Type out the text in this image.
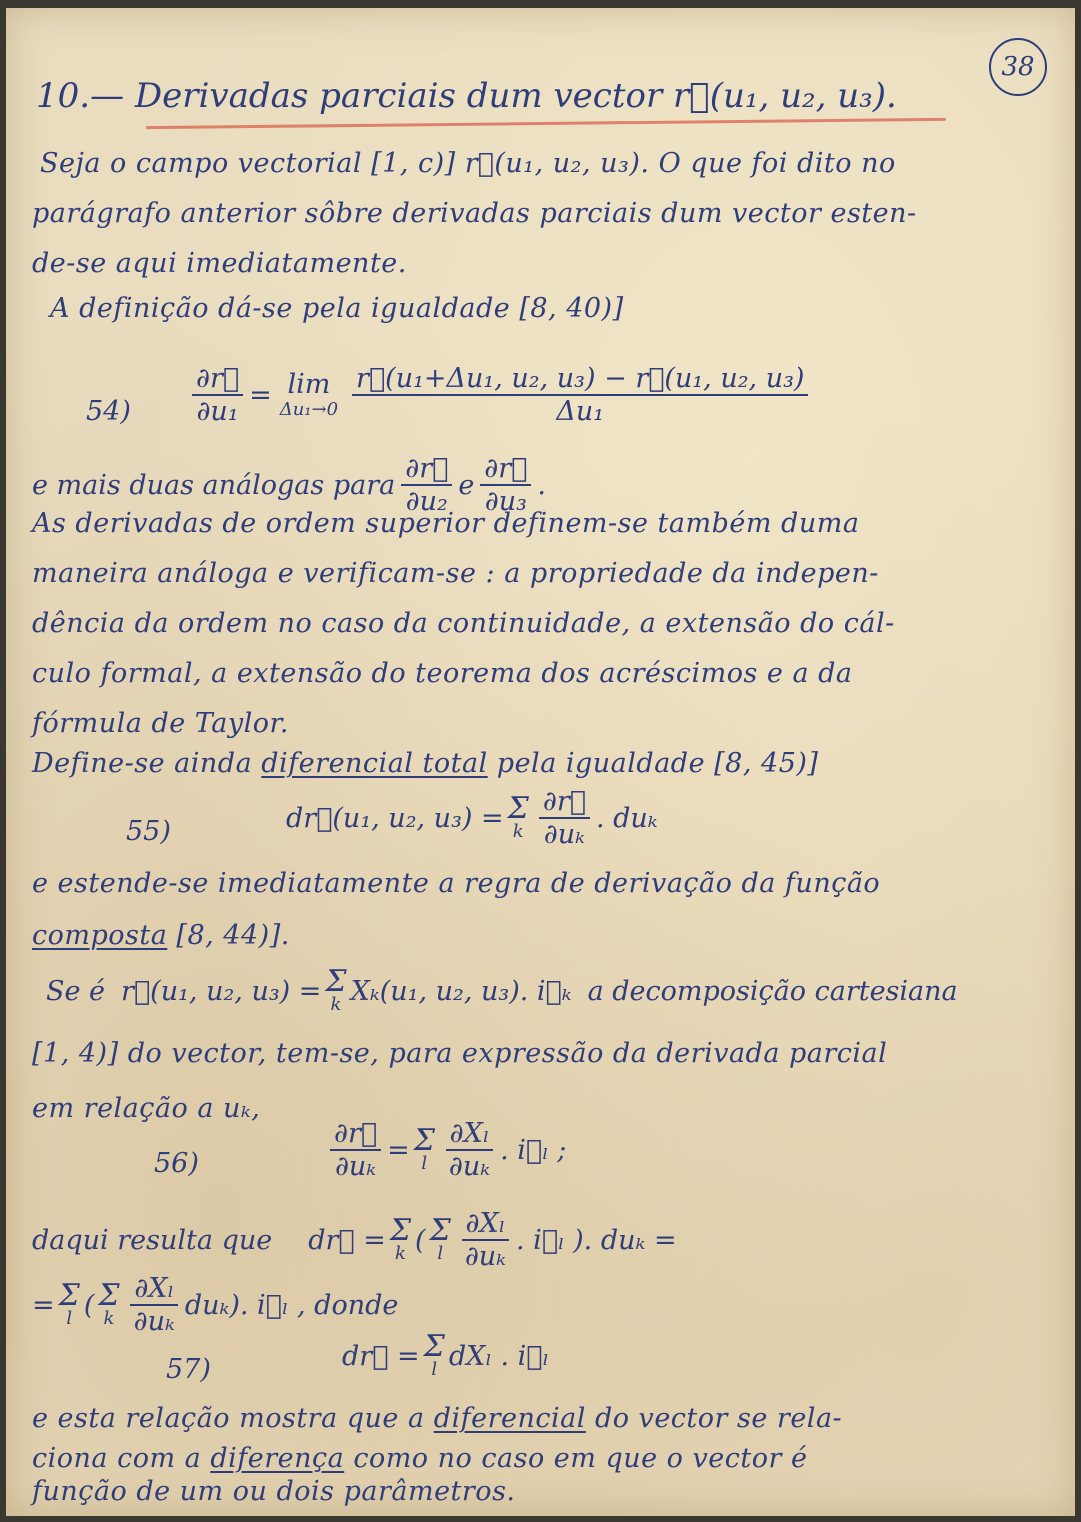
38
10.— Derivadas parciais dum vector r⃗(u₁, u₂, u₃).
Seja o campo vectorial [1, c)] r⃗(u₁, u₂, u₃). O que foi dito no
parágrafo anterior sôbre derivadas parciais dum vector esten-
de-se aqui imediatamente.
A definição dá-se pela igualdade [8, 40)]
$54) \frac{\partial r⃗}{\text{∂u₁}} = \lim$
$\Delta u_1\to 0 \frac{\text{r⃗(u₁+Δu₁, u₂, u₃) − r⃗(u₁, u₂, u₃)}}{\text{Δu₁}}$
e mais duas análogas para $\frac{\partial r⃗}{\text{∂u₂}}$ e $\frac{\partial r⃗}{\text{∂u₃}}$ .
As derivadas de ordem superior definem-se também duma
maneira análoga e verificam-se : a propriedade da indepen-
dência da ordem no caso da continuidade, a extensão do cál-
culo formal, a extensão do teorema dos acréscimos e a da
fórmula de Taylor.
Define-se ainda diferencial total pela igualdade [8, 45)]
55)	dr⃗(u₁, u₂, u₃) = Σ
k $\frac{\partial r⃗}{\text{∂uₖ}}$ . duₖ
e estende-se imediatamente a regra de derivação da função
composta [8, 44)].
Se é r⃗(u₁, u₂, u₃) = Σ
k Xₖ(u₁, u₂, u₃). i⃗ₖ a decomposição cartesiana
[1, 4)] do vector, tem-se, para expressão da derivada parcial
em relação a uₖ,
56)	$\frac{\partial r⃗}{\text{∂uₖ}} = \Sigma$
l $\frac{\text{∂Xₗ}}{\text{∂uₖ}}$ . i⃗ₗ ;
daqui resulta que dr⃗ = Σ
k ( Σ
l $\frac{\text{∂Xₗ}}{\text{∂uₖ}}$ . i⃗ₗ ). duₖ =
= Σ
l ( Σ
k $\frac{\text{∂Xₗ}}{\text{∂uₖ}} du_k$). i⃗ₗ , donde
57)	dr⃗ = Σ
l dXₗ . i⃗ₗ
e esta relação mostra que a diferencial do vector se rela-
ciona com a diferença como no caso em que o vector é
função de um ou dois parâmetros.
